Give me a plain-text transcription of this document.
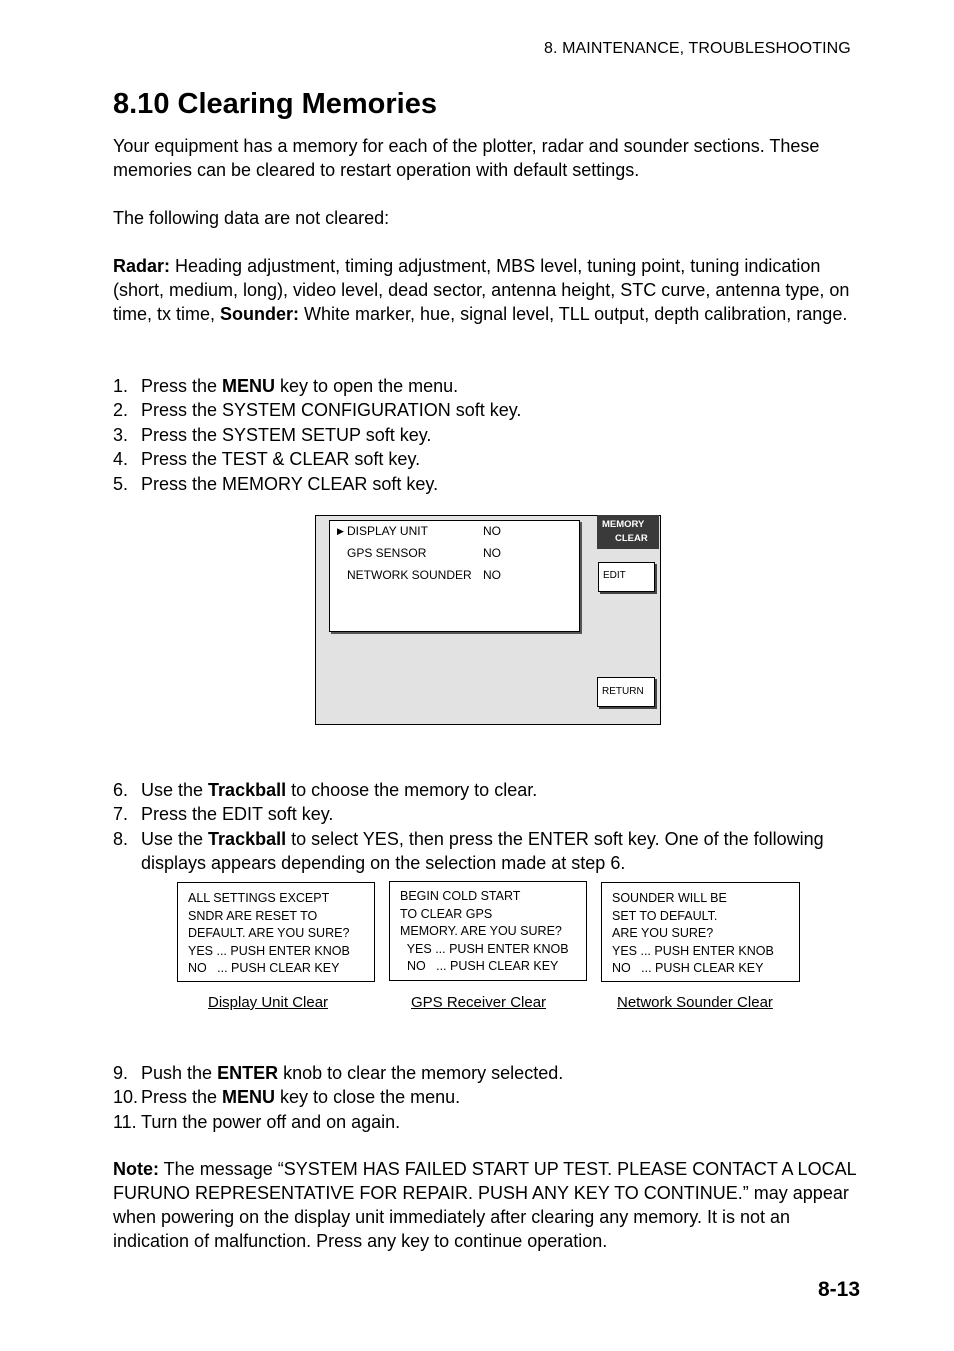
8. MAINTENANCE, TROUBLESHOOTING
8.10 Clearing Memories

Your equipment has a memory for each of the plotter, radar and sounder sections. These memories can be cleared to restart operation with default settings.

The following data are not cleared:

Radar: Heading adjustment, timing adjustment, MBS level, tuning point, tuning indication (short, medium, long), video level, dead sector, antenna height, STC curve, antenna type, on time, tx time, Sounder: White marker, hue, signal level, TLL output, depth calibration, range.

1. Press the MENU key to open the menu.
2. Press the SYSTEM CONFIGURATION soft key.
3. Press the SYSTEM SETUP soft key.
4. Press the TEST & CLEAR soft key.
5. Press the MEMORY CLEAR soft key.
▶ DISPLAY UNIT	NO
GPS SENSOR	NO
NETWORK SOUNDER NO
MEMORY
CLEAR
EDIT
RETURN
6. Use the Trackball to choose the memory to clear.
7. Press the EDIT soft key.
8. Use the Trackball to select YES, then press the ENTER soft key. One of the following displays appears depending on the selection made at step 6.
ALL SETTINGS EXCEPT
SNDR ARE RESET TO
DEFAULT. ARE YOU SURE?
YES ... PUSH ENTER KNOB
NO   ... PUSH CLEAR KEY
BEGIN COLD START
TO CLEAR GPS
MEMORY. ARE YOU SURE?
YES ... PUSH ENTER KNOB
NO   ... PUSH CLEAR KEY
SOUNDER WILL BE
SET TO DEFAULT.
ARE YOU SURE?
YES ... PUSH ENTER KNOB
NO   ... PUSH CLEAR KEY
Display Unit Clear	GPS Receiver Clear	Network Sounder Clear
9. Push the ENTER knob to clear the memory selected.
10. Press the MENU key to close the menu.
11. Turn the power off and on again.

Note: The message “SYSTEM HAS FAILED START UP TEST. PLEASE CONTACT A LOCAL FURUNO REPRESENTATIVE FOR REPAIR. PUSH ANY KEY TO CONTINUE.” may appear when powering on the display unit immediately after clearing any memory. It is not an indication of malfunction. Press any key to continue operation.

8-13
